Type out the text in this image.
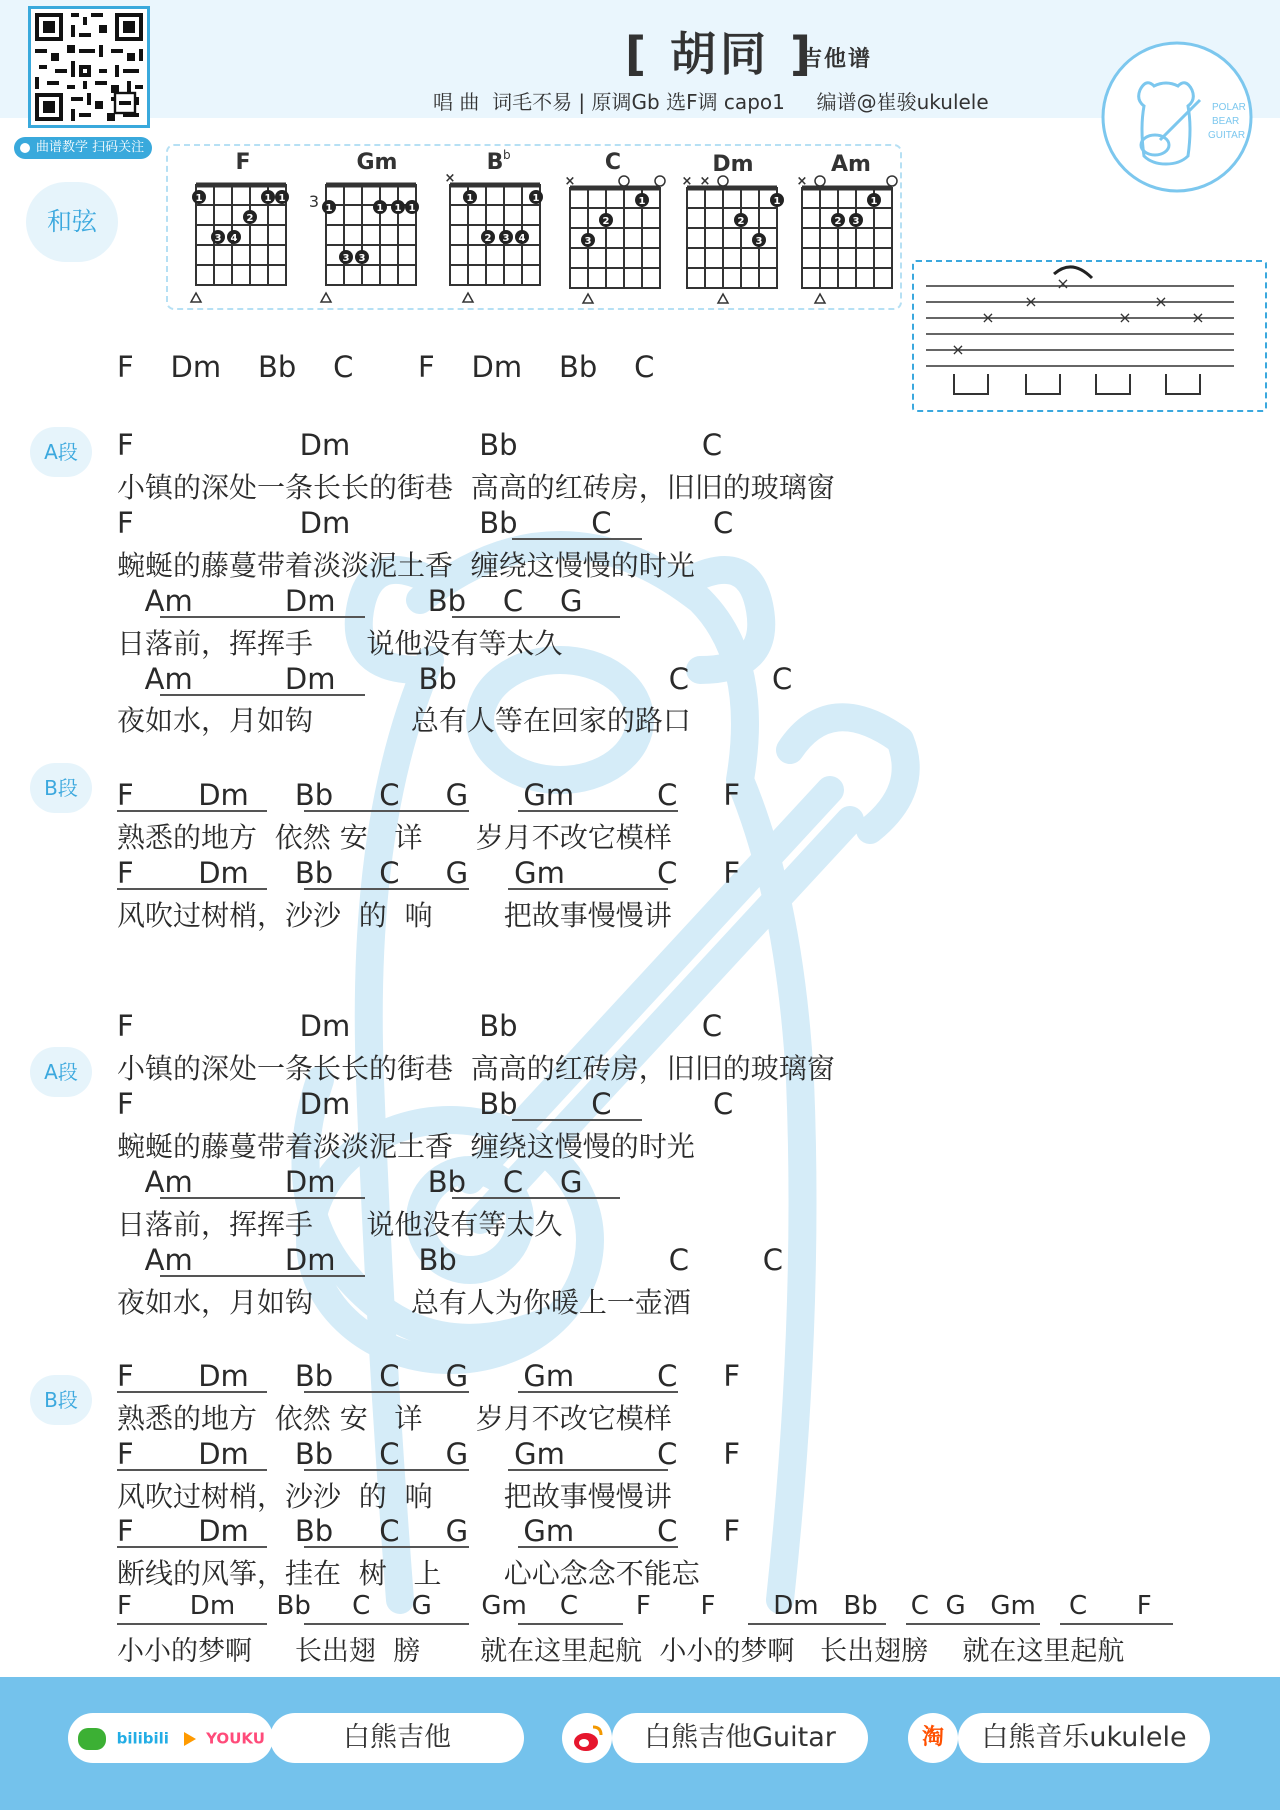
曲谱教学 扫码关注
[ 胡同 ]
吉他谱
唱 曲  词毛不易 | 原调Gb 选F调 capo1     编谱@崔骏ukulele	POLAR
BEAR
GUITAR
和弦
F	Gm	B b	C	Dm	Am
1	1 1
2
3 4
3 1	1 1 1
3 3
×
1	1
2 3 4
×
1
2
3
× ×
1
2
3
×
1
2 3
×
×
×
×
×
×
×
F    Dm    Bb    C       F    Dm    Bb    C
A段
B段
A段
B段
F                  Dm              Bb                    C
小镇的深处一条长长的街巷  高高的红砖房，旧旧的玻璃窗
F                  Dm              Bb        C           C
蜿蜒的藤蔓带着淡淡泥土香  缠绕这慢慢的时光
Am          Dm          Bb    C    G
日落前，挥挥手      说他没有等太久
Am          Dm         Bb                       C         C
夜如水，月如钩           总有人等在回家的路口
F       Dm     Bb     C     G      Gm         C     F
熟悉的地方  依然 安   详      岁月不改它模样
F       Dm     Bb     C     G     Gm          C     F
风吹过树梢，沙沙  的  响        把故事慢慢讲
F                  Dm              Bb                    C
小镇的深处一条长长的街巷  高高的红砖房，旧旧的玻璃窗
F                  Dm              Bb        C           C
蜿蜒的藤蔓带着淡淡泥土香  缠绕这慢慢的时光
Am          Dm          Bb    C    G
日落前，挥挥手      说他没有等太久
Am          Dm         Bb                       C        C
夜如水，月如钩           总有人为你暖上一壶酒
F       Dm     Bb     C     G      Gm         C     F
熟悉的地方  依然 安   详      岁月不改它模样
F       Dm     Bb     C     G     Gm          C     F
风吹过树梢，沙沙  的  响        把故事慢慢讲
F       Dm     Bb     C     G      Gm         C     F
断线的风筝，挂在  树   上       心心念念不能忘
F       Dm     Bb     C     G      Gm    C       F      F       Dm   Bb    C  G   Gm    C      F
小小的梦啊     长出翅  膀       就在这里起航  小小的梦啊   长出翅膀    就在这里起航
bilibili YOUKU	白熊吉他	白熊吉他Guitar	淘	白熊音乐ukulele
